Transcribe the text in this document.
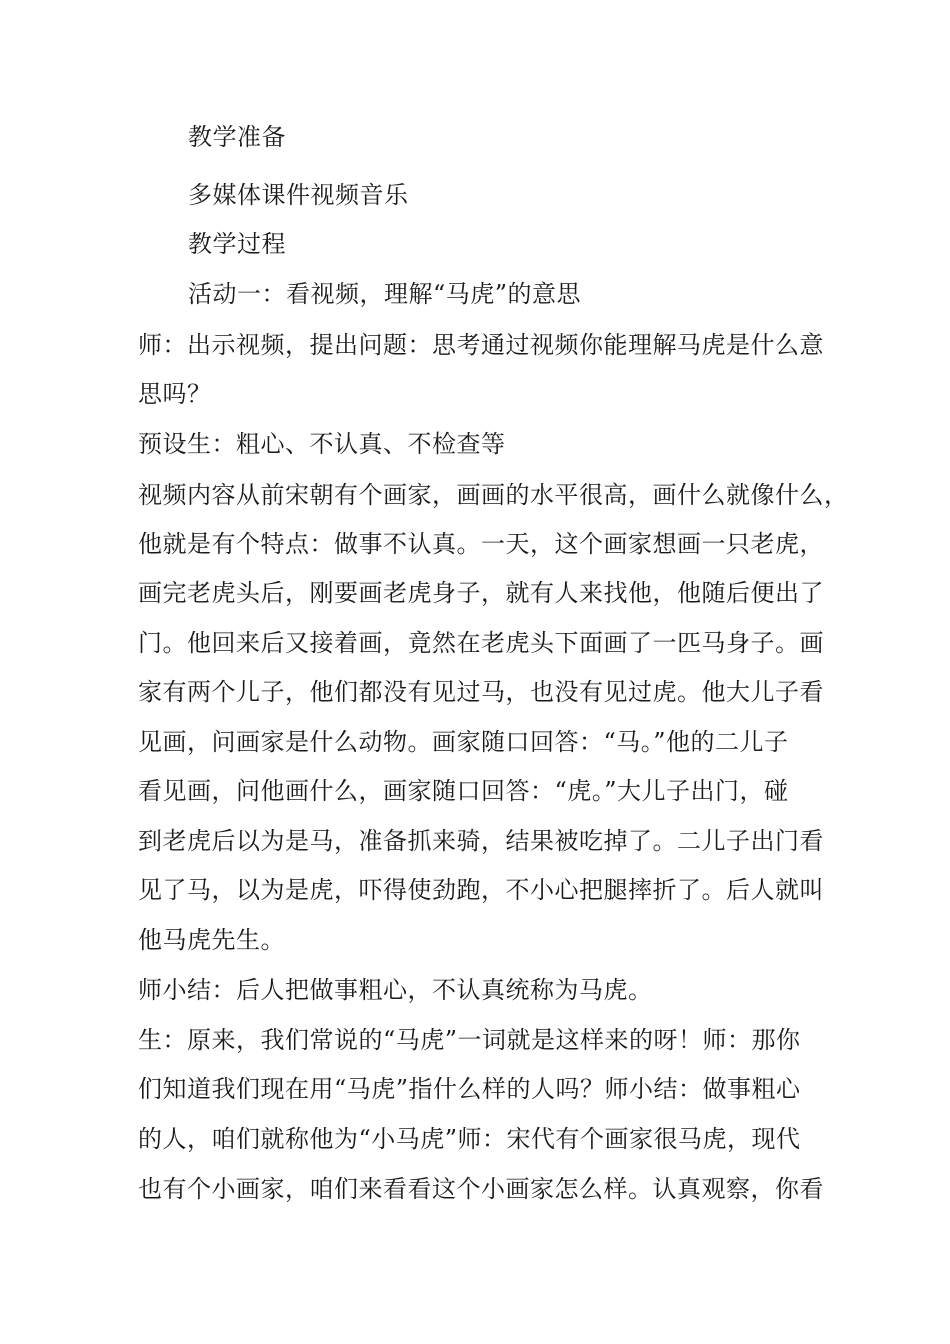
教学准备
多媒体课件视频音乐
教学过程
活动一：看视频，理解“马虎”的意思
师：出示视频，提出问题：思考通过视频你能理解马虎是什么意
思吗？
预设生：粗心、不认真、不检查等
视频内容从前宋朝有个画家，画画的水平很高，画什么就像什么，
他就是有个特点：做事不认真。一天，这个画家想画一只老虎，
画完老虎头后，刚要画老虎身子，就有人来找他，他随后便出了
门。他回来后又接着画，竟然在老虎头下面画了一匹马身子。画
家有两个儿子，他们都没有见过马，也没有见过虎。他大儿子看
见画，问画家是什么动物。画家随口回答：“马。”他的二儿子
看见画，问他画什么，画家随口回答：“虎。”大儿子出门，碰
到老虎后以为是马，准备抓来骑，结果被吃掉了。二儿子出门看
见了马，以为是虎，吓得使劲跑，不小心把腿摔折了。后人就叫
他马虎先生。
师小结：后人把做事粗心，不认真统称为马虎。
生：原来，我们常说的“马虎”一词就是这样来的呀！师：那你
们知道我们现在用“马虎”指什么样的人吗？师小结：做事粗心
的人，咱们就称他为“小马虎”师：宋代有个画家很马虎，现代
也有个小画家，咱们来看看这个小画家怎么样。认真观察，你看
